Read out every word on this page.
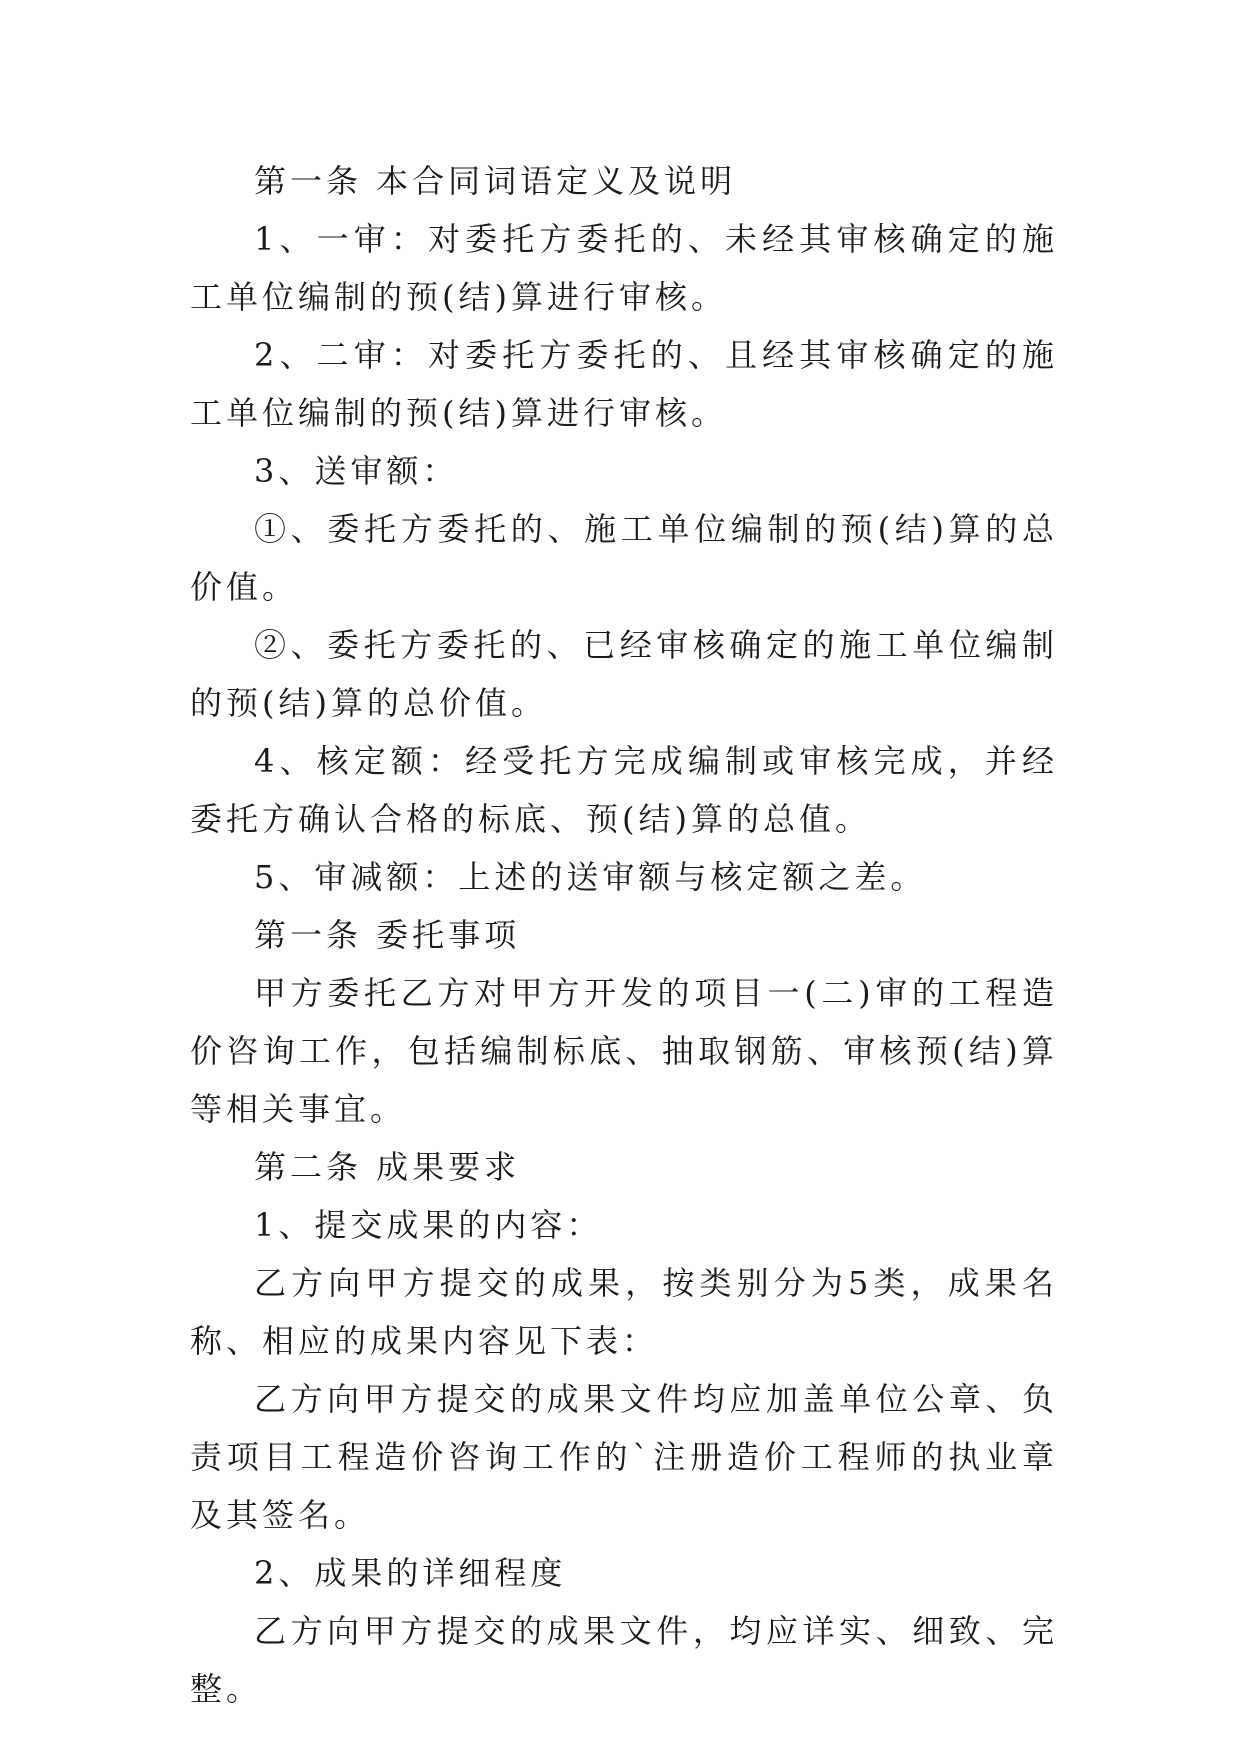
第一条 本合同词语定义及说明

1、一审：对委托方委托的、未经其审核确定的施工单位编制的预(结)算进行审核。

2、二审：对委托方委托的、且经其审核确定的施工单位编制的预(结)算进行审核。

3、送审额：

①、委托方委托的、施工单位编制的预(结)算的总价值。

②、委托方委托的、已经审核确定的施工单位编制的预(结)算的总价值。

4、核定额：经受托方完成编制或审核完成，并经委托方确认合格的标底、预(结)算的总值。

5、审减额：上述的送审额与核定额之差。

第一条 委托事项

甲方委托乙方对甲方开发的项目一(二)审的工程造价咨询工作，包括编制标底、抽取钢筋、审核预(结)算等相关事宜。

第二条 成果要求

1、提交成果的内容：

乙方向甲方提交的成果，按类别分为5类，成果名称、相应的成果内容见下表：

乙方向甲方提交的成果文件均应加盖单位公章、负责项目工程造价咨询工作的`注册造价工程师的执业章及其签名。

2、成果的详细程度

乙方向甲方提交的成果文件，均应详实、细致、完整。
